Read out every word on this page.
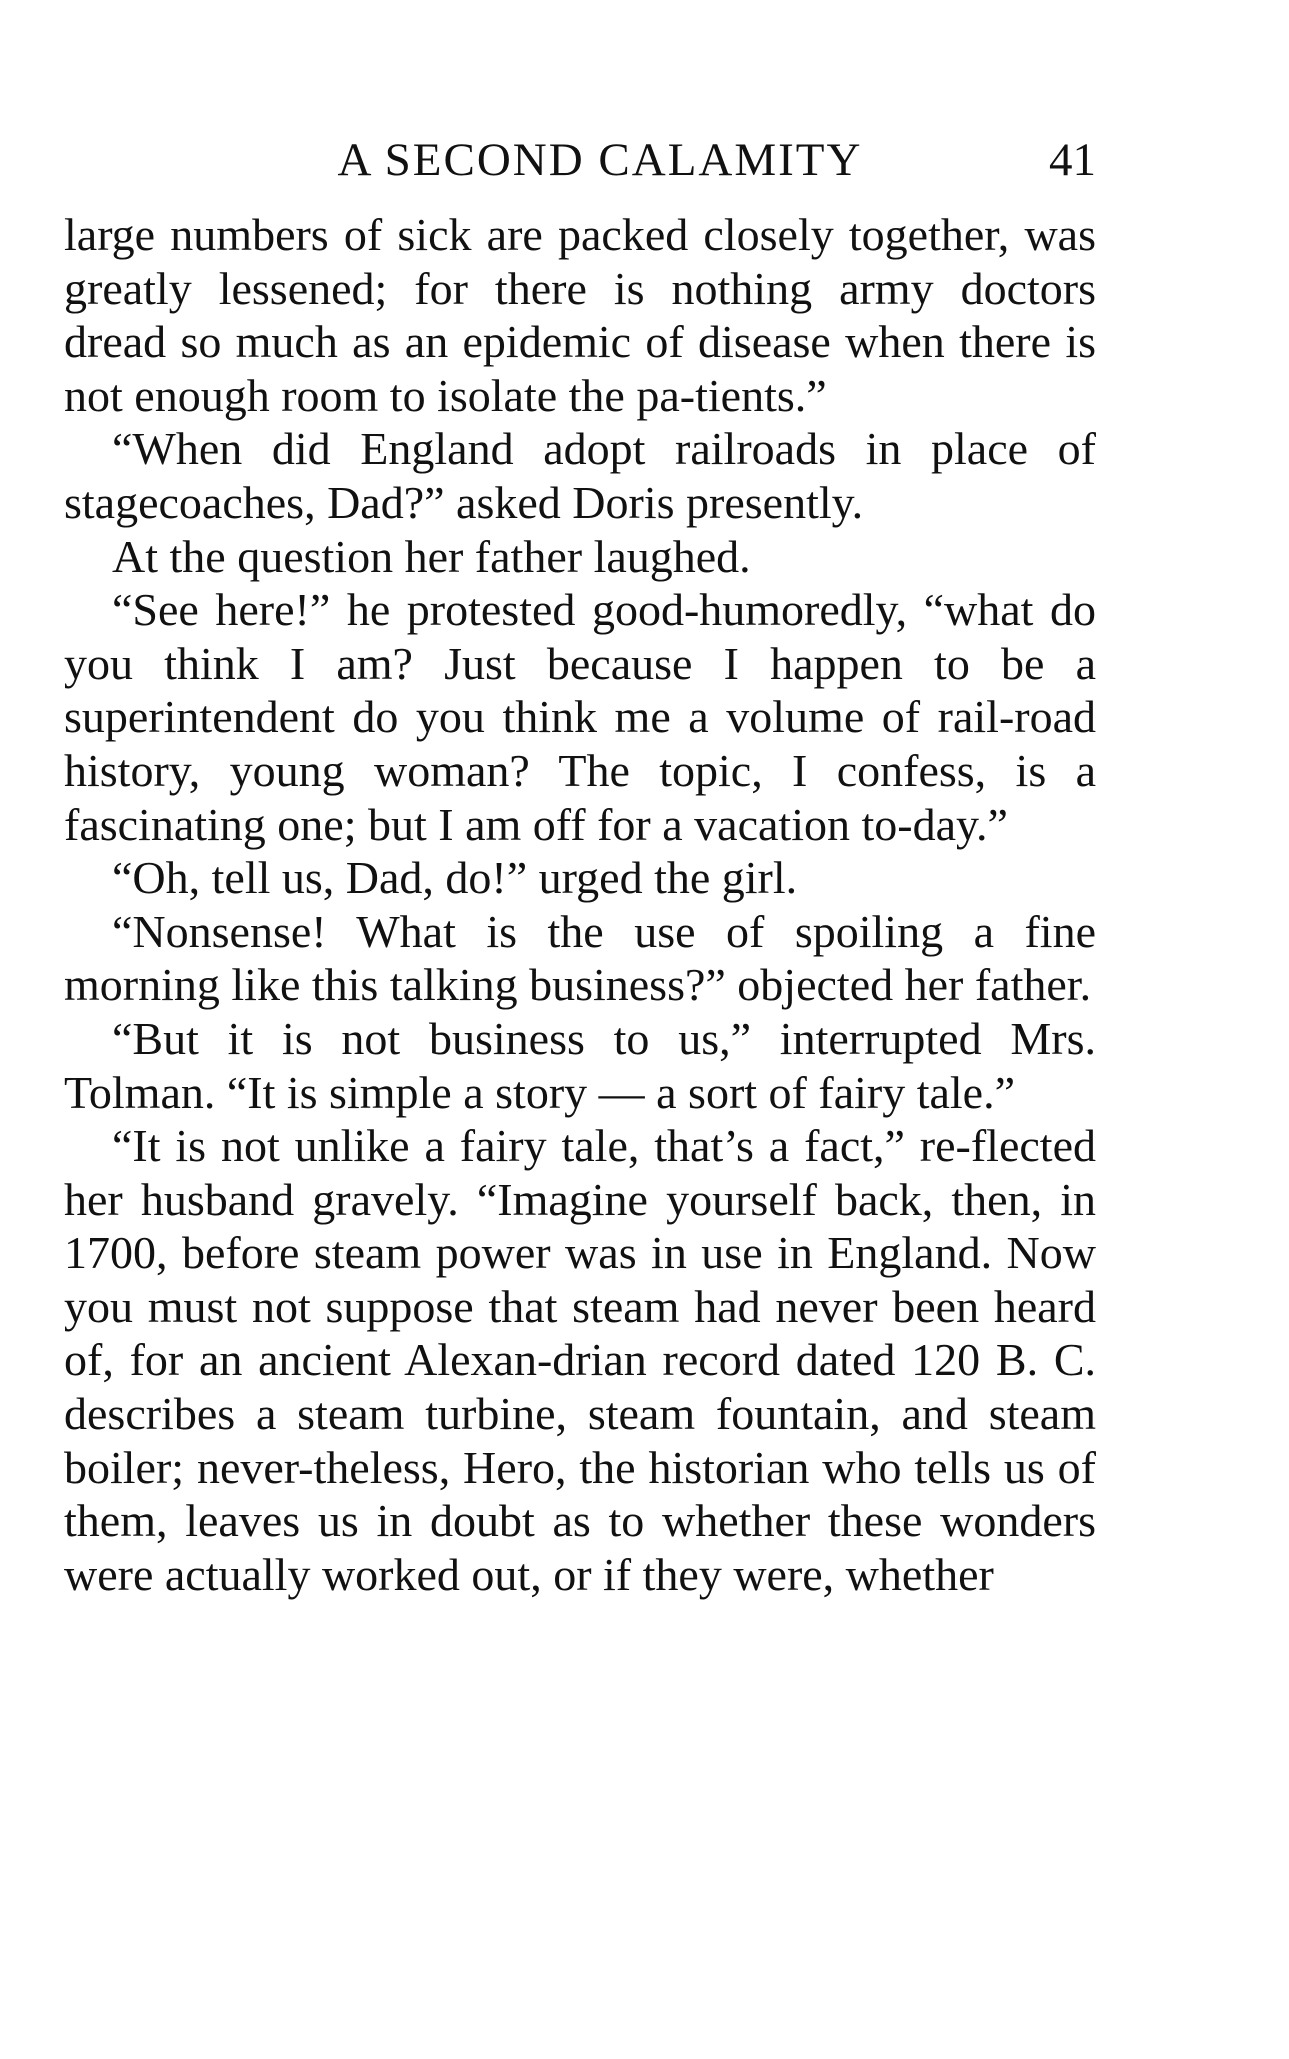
A SECOND CALAMITY	41

large numbers of sick are packed closely together, was greatly lessened; for there is nothing army doctors dread so much as an epidemic of disease when there is not enough room to isolate the pa-tients.”

“When did England adopt railroads in place of stagecoaches, Dad?” asked Doris presently.

At the question her father laughed.

“See here!” he protested good-humoredly, “what do you think I am? Just because I happen to be a superintendent do you think me a volume of rail-road history, young woman? The topic, I confess, is a fascinating one; but I am off for a vacation to-day.”

“Oh, tell us, Dad, do!” urged the girl.

“Nonsense! What is the use of spoiling a fine morning like this talking business?” objected her father.

“But it is not business to us,” interrupted Mrs. Tolman. “It is simple a story — a sort of fairy tale.”

“It is not unlike a fairy tale, that’s a fact,” re-flected her husband gravely. “Imagine yourself back, then, in 1700, before steam power was in use in England. Now you must not suppose that steam had never been heard of, for an ancient Alexan-drian record dated 120 B. C. describes a steam turbine, steam fountain, and steam boiler; never-theless, Hero, the historian who tells us of them, leaves us in doubt as to whether these wonders were actually worked out, or if they were, whether
